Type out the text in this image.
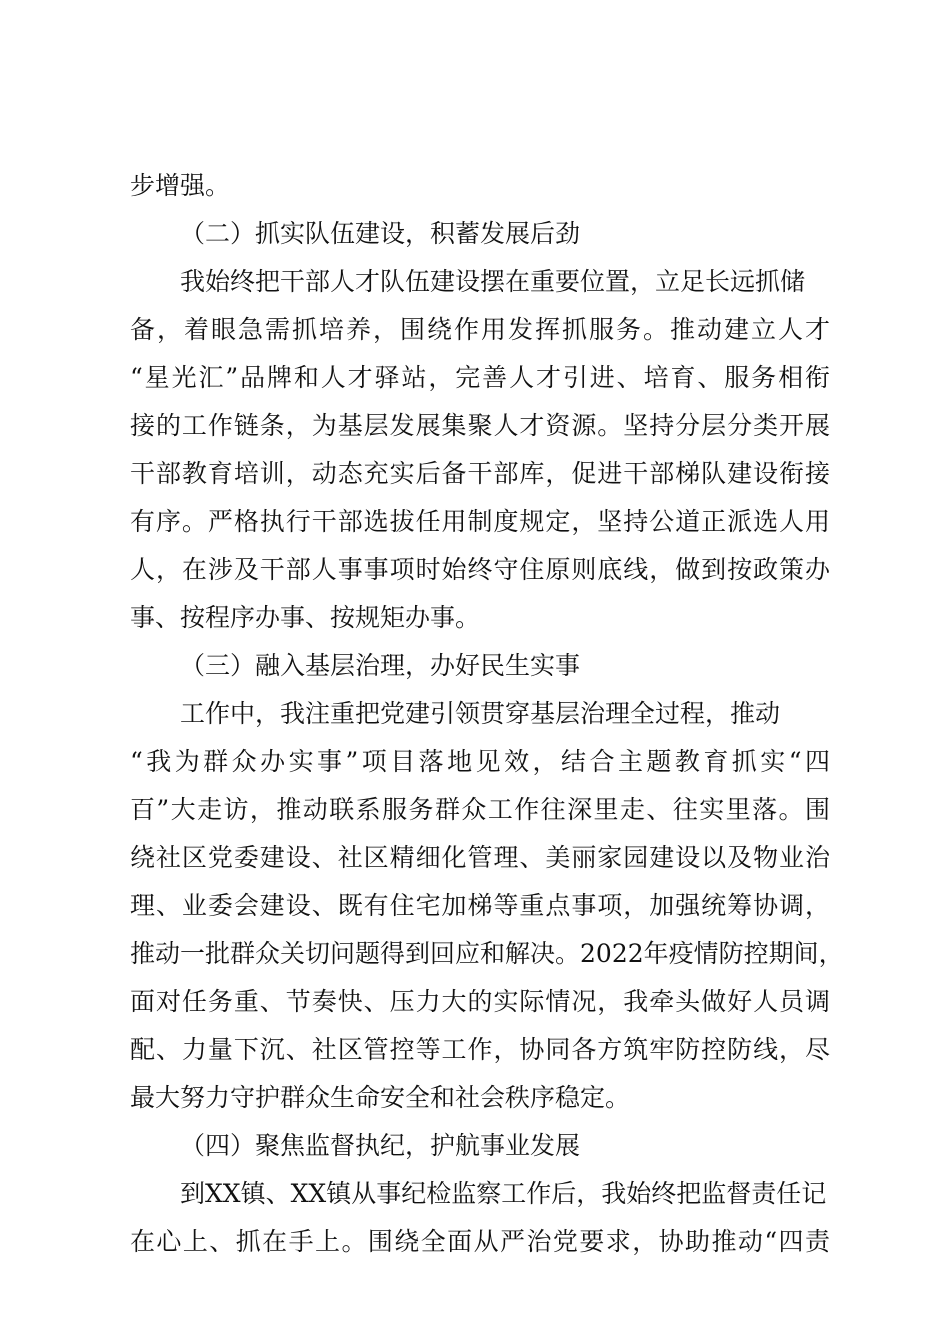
步增强。
（二）抓实队伍建设，积蓄发展后劲
我始终把干部人才队伍建设摆在重要位置，立足长远抓储
备，着眼急需抓培养，围绕作用发挥抓服务。推动建立人才
“星光汇”品牌和人才驿站，完善人才引进、培育、服务相衔
接的工作链条，为基层发展集聚人才资源。坚持分层分类开展
干部教育培训，动态充实后备干部库，促进干部梯队建设衔接
有序。严格执行干部选拔任用制度规定，坚持公道正派选人用
人，在涉及干部人事事项时始终守住原则底线，做到按政策办
事、按程序办事、按规矩办事。
（三）融入基层治理，办好民生实事
工作中，我注重把党建引领贯穿基层治理全过程，推动
“我为群众办实事”项目落地见效，结合主题教育抓实“四
百”大走访，推动联系服务群众工作往深里走、往实里落。围
绕社区党委建设、社区精细化管理、美丽家园建设以及物业治
理、业委会建设、既有住宅加梯等重点事项，加强统筹协调，
推动一批群众关切问题得到回应和解决。2022年疫情防控期间，
面对任务重、节奏快、压力大的实际情况，我牵头做好人员调
配、力量下沉、社区管控等工作，协同各方筑牢防控防线，尽
最大努力守护群众生命安全和社会秩序稳定。
（四）聚焦监督执纪，护航事业发展
到XX镇、XX镇从事纪检监察工作后，我始终把监督责任记
在心上、抓在手上。围绕全面从严治党要求，协助推动“四责
